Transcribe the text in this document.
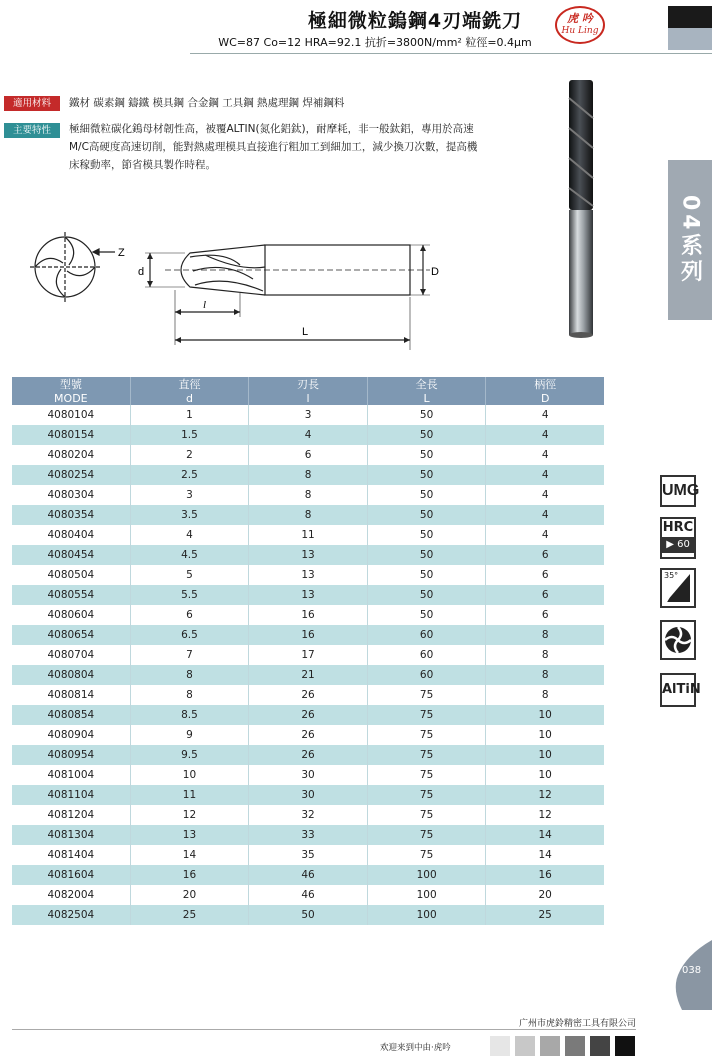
極細微粒鎢鋼4刃端銑刀
WC=87 Co=12 HRA=92.1 抗折=3800N/mm² 粒徑=0.4μm
虎 吟
Hu Ling
適用材料	鐵材 碳素鋼 鑄鐵 模具鋼 合金鋼 工具鋼 熱處理鋼 焊補鋼料
主要特性	極細微粒碳化鎢母材韌性高，被覆ALTIN(氮化鋁鈦)，耐摩耗，非一般鈦鋁，專用於高速
M/C高硬度高速切削，能對熱處理模具直接進行粗加工到細加工，減少換刀次數，提高機
床稼動率，節省模具製作時程。
04系列
Z
d	D
l
L
型號	直徑	刃長	全長	柄徑
MODE	d	l	L	D
4080104	1	3	50	4
4080154	1.5	4	50	4
4080204	2	6	50	4
4080254	2.5	8	50	4
4080304	3	8	50	4
4080354	3.5	8	50	4
4080404	4	11	50	4
4080454	4.5	13	50	6
4080504	5	13	50	6
4080554	5.5	13	50	6
4080604	6	16	50	6
4080654	6.5	16	60	8
4080704	7	17	60	8
4080804	8	21	60	8
4080814	8	26	75	8
4080854	8.5	26	75	10
4080904	9	26	75	10
4080954	9.5	26	75	10
4081004	10	30	75	10
4081104	11	30	75	12
4081204	12	32	75	12
4081304	13	33	75	14
4081404	14	35	75	14
4081604	16	46	100	16
4082004	20	46	100	20
4082504	25	50	100	25
UMG
HRC
▶ 60
35°
AlTiN
038
广州市虎鈴精密工具有限公司
欢迎来到中由·虎吟
